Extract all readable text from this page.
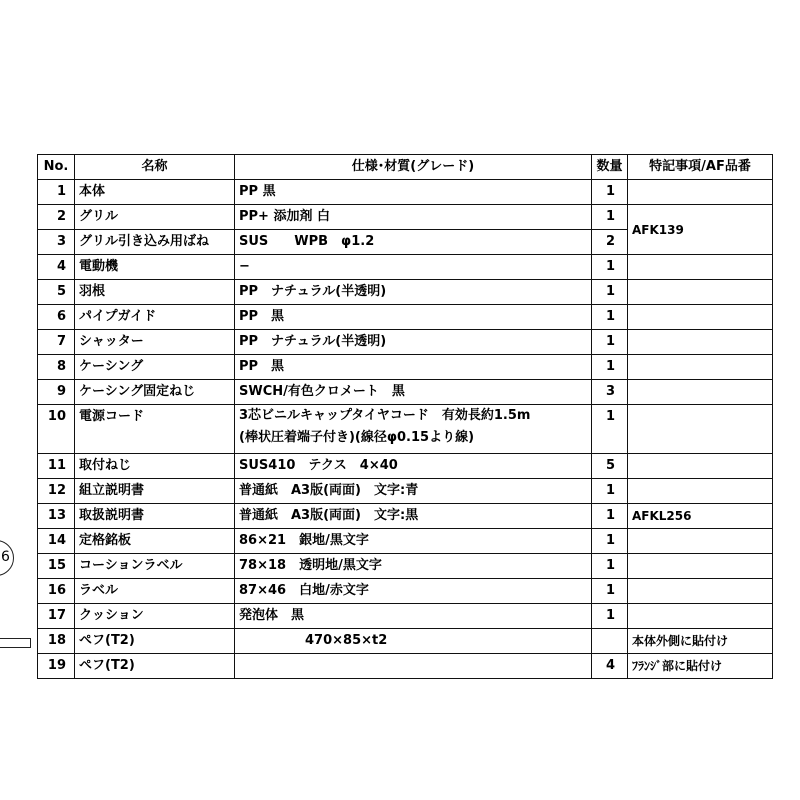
6
No.	名称	仕様･材質(グレード)	数量	特記事項/AF品番
1	本体	PP 黒	1	
2	グリル	PP+ 添加剤 白	1	AFK139
3	グリル引き込み用ばね	SUS　　WPB　φ1.2	2	
4	電動機	−	1	
5	羽根	PP　ナチュラル(半透明)	1	
6	パイプガイド	PP　黒	1	
7	シャッター	PP　ナチュラル(半透明)	1	
8	ケーシング	PP　黒	1	
9	ケーシング固定ねじ	SWCH/有色クロメート　黒	3	
10	電源コード	3芯ビニルキャップタイヤコード　有効長約1.5m
(棒状圧着端子付き)(線径φ0.15より線)	1	
11	取付ねじ	SUS410　テクス　4×40	5	
12	組立説明書	普通紙　A3版(両面)　文字:青	1	
13	取扱説明書	普通紙　A3版(両面)　文字:黒	1	AFKL256
14	定格銘板	86×21　銀地/黒文字	1	
15	コーションラベル	78×18　透明地/黒文字	1	
16	ラベル	87×46　白地/赤文字	1	
17	クッション	発泡体　黒	1	
18	ペフ(T2)	470×85×t2		本体外側に貼付け
19	ペフ(T2)		4	ﾌﾗﾝｼﾞ部に貼付け
